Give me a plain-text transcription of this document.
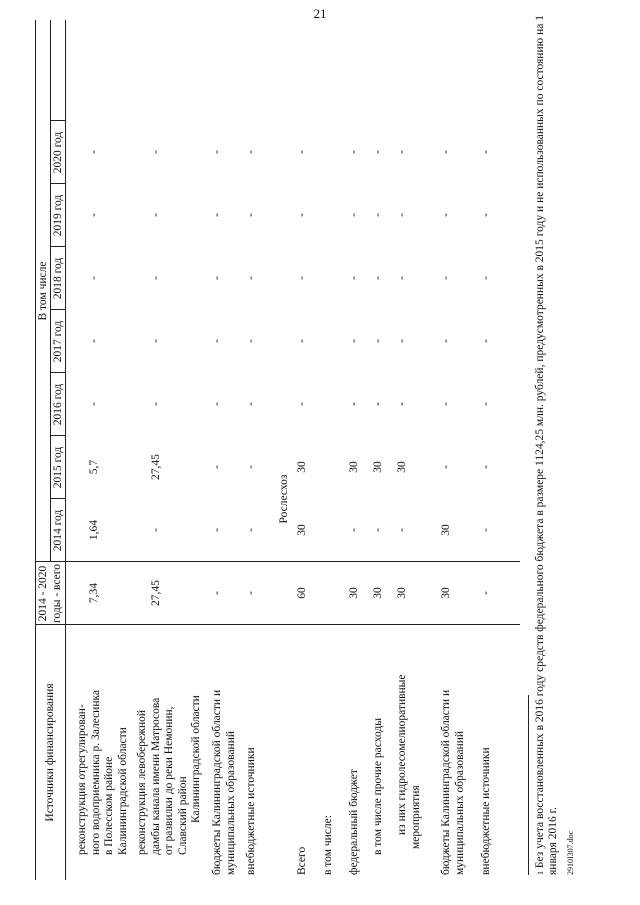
21
Источники финансирования
2014 - 2020 годы - всего
В том числе
2014 год
2015 год
2016 год
2017 год
2018 год
2019 год
2020 год
реконструкция отрегулирован- ного водоприемника р. Залесинка в Полесском районе Калининградской области
7,34
1,64
5,7
-
-
-
-
-
реконструкция левобережной дамбы канала имени Матросова от развилки до реки Немонин, Славский район Калининградской области
27,45
-
27,45
-
-
-
-
-
бюджеты Калининградской области и муниципальных образований
-
-
-
-
-
-
-
-
внебюджетные источники
-
-
-
-
-
-
-
-
Рослесхоз
Всего
60
30
30
-
-
-
-
-
в том числе: федеральный бюджет
30
-
30
-
-
-
-
-
в том числе прочие расходы
30
-
30
-
-
-
-
-
из них гидролесомелиоративные мероприятия
30
-
30
-
-
-
-
-
бюджеты Калининградской области и муниципальных образований
30
30
-
-
-
-
-
-
внебюджетные источники
-
-
-
-
-
-
-
-
$^1$ Без учета восстановленных в 2016 году средств федерального бюджета в размере 1124,25 млн. рублей, предусмотренных в 2015 году и не использованных по состоянию на 1 января 2016 г. 2910I307.doc
